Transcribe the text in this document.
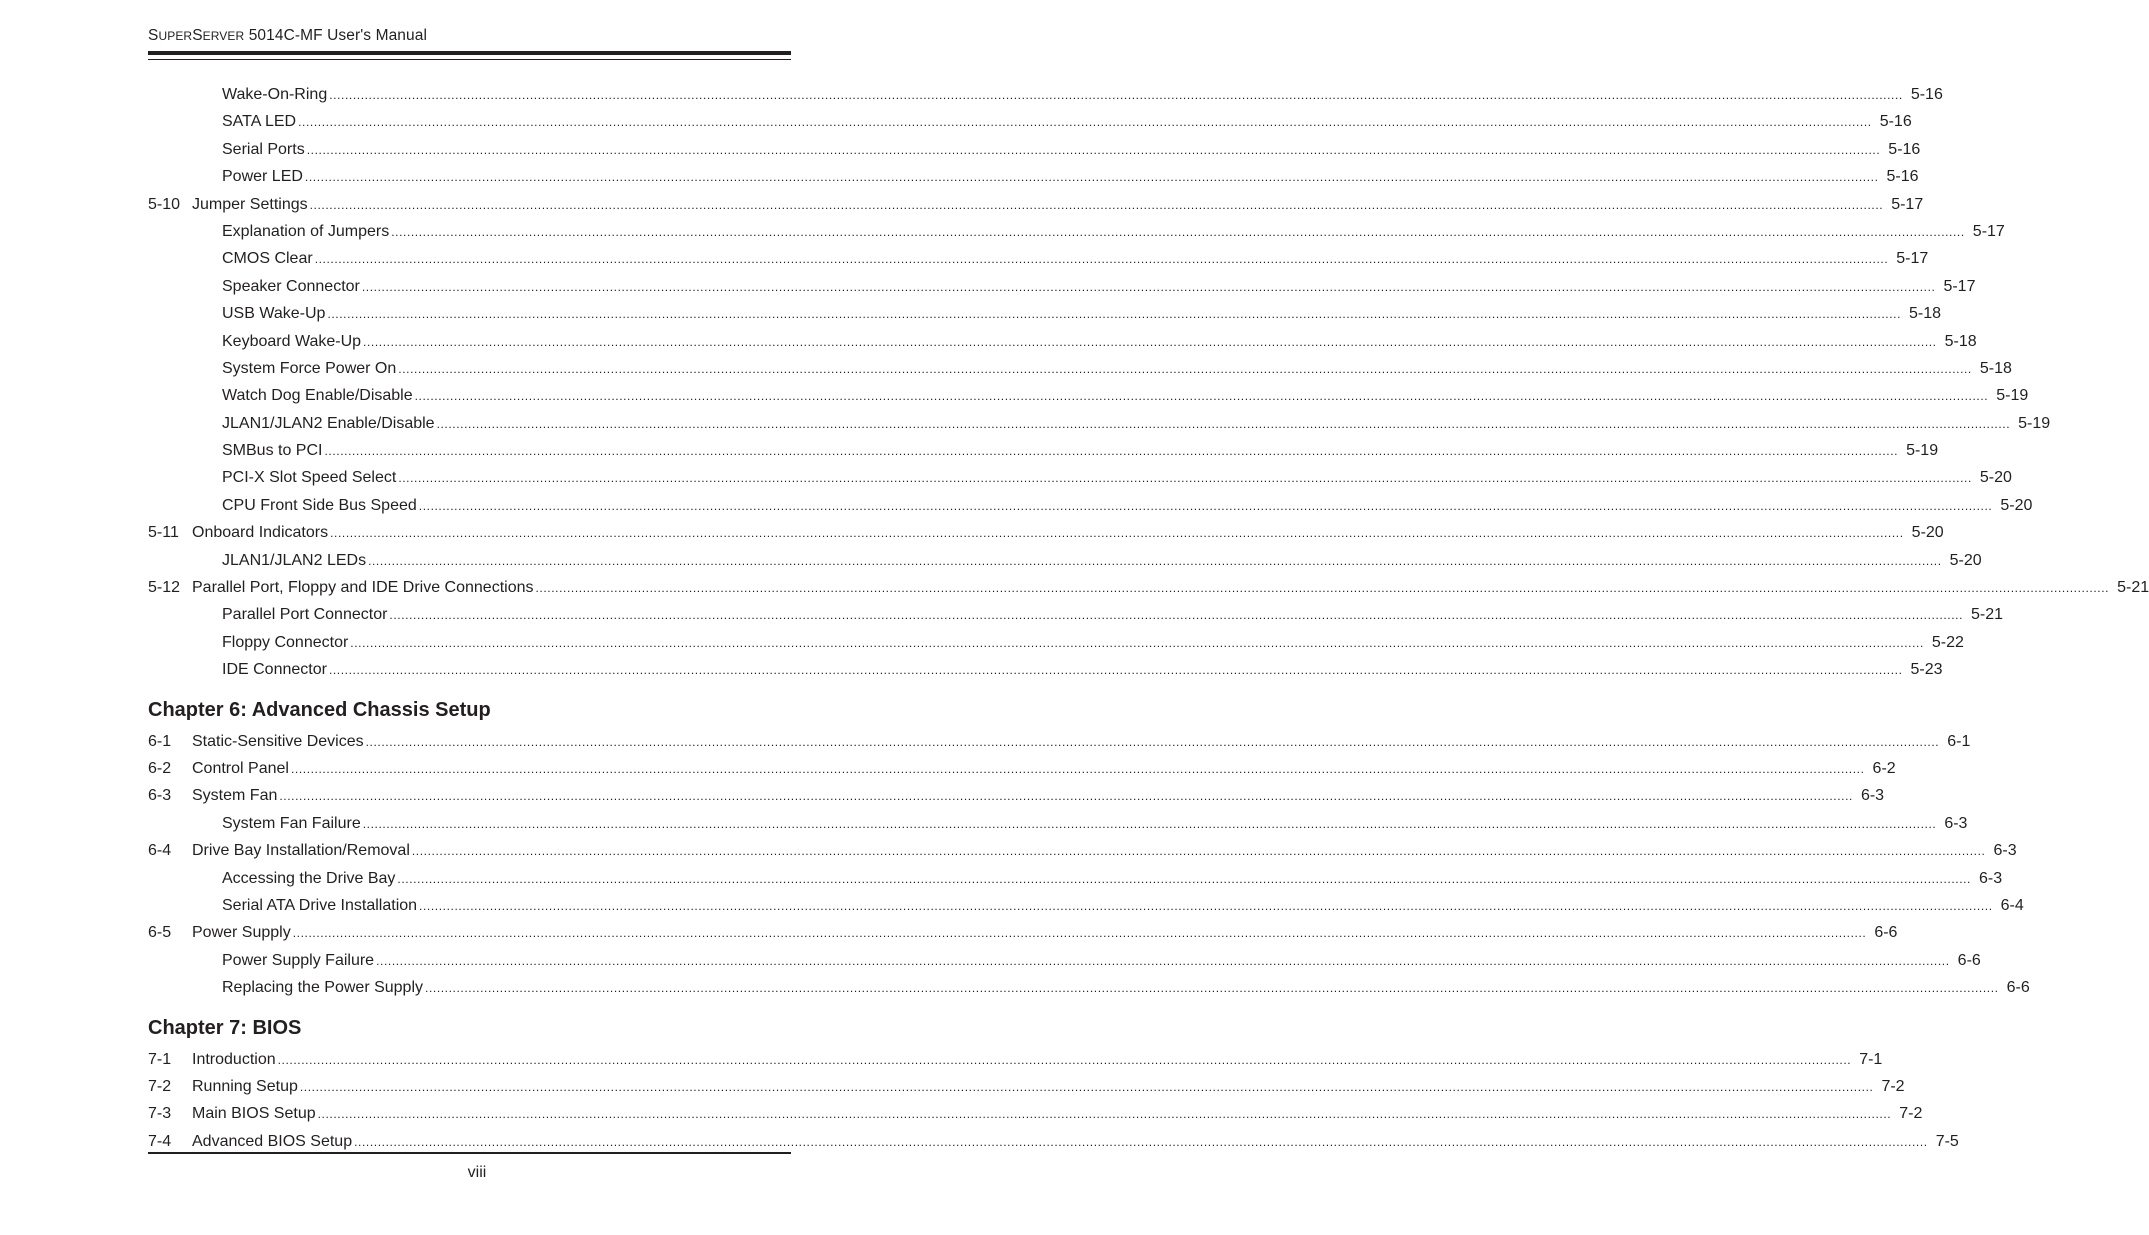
SUPERSERVER 5014C-MF User's Manual
Wake-On-Ring ................................................................................................................................................................................................................................................................................................................................................................................................................ 5-16
SATA LED ................................................................................................................................................................................................................................................................................................................................................................................................................ 5-16
Serial Ports ................................................................................................................................................................................................................................................................................................................................................................................................................ 5-16
Power LED ................................................................................................................................................................................................................................................................................................................................................................................................................ 5-16
5-10 Jumper Settings ................................................................................................................................................................................................................................................................................................................................................................................................................ 5-17
Explanation of Jumpers ................................................................................................................................................................................................................................................................................................................................................................................................................ 5-17
CMOS Clear ................................................................................................................................................................................................................................................................................................................................................................................................................ 5-17
Speaker Connector ................................................................................................................................................................................................................................................................................................................................................................................................................ 5-17
USB Wake-Up ................................................................................................................................................................................................................................................................................................................................................................................................................ 5-18
Keyboard Wake-Up ................................................................................................................................................................................................................................................................................................................................................................................................................ 5-18
System Force Power On ................................................................................................................................................................................................................................................................................................................................................................................................................ 5-18
Watch Dog Enable/Disable ................................................................................................................................................................................................................................................................................................................................................................................................................ 5-19
JLAN1/JLAN2 Enable/Disable ................................................................................................................................................................................................................................................................................................................................................................................................................ 5-19
SMBus to PCI ................................................................................................................................................................................................................................................................................................................................................................................................................ 5-19
PCI-X Slot Speed Select ................................................................................................................................................................................................................................................................................................................................................................................................................ 5-20
CPU Front Side Bus Speed ................................................................................................................................................................................................................................................................................................................................................................................................................ 5-20
5-11 Onboard Indicators ................................................................................................................................................................................................................................................................................................................................................................................................................ 5-20
JLAN1/JLAN2 LEDs ................................................................................................................................................................................................................................................................................................................................................................................................................ 5-20
5-12 Parallel Port, Floppy and IDE Drive Connections ................................................................................................................................................................................................................................................................................................................................................................................................................ 5-21
Parallel Port Connector ................................................................................................................................................................................................................................................................................................................................................................................................................ 5-21
Floppy Connector ................................................................................................................................................................................................................................................................................................................................................................................................................ 5-22
IDE Connector ................................................................................................................................................................................................................................................................................................................................................................................................................ 5-23
Chapter 6: Advanced Chassis Setup
6-1 Static-Sensitive Devices ................................................................................................................................................................................................................................................................................................................................................................................................................ 6-1
6-2 Control Panel ................................................................................................................................................................................................................................................................................................................................................................................................................ 6-2
6-3 System Fan ................................................................................................................................................................................................................................................................................................................................................................................................................ 6-3
System Fan Failure ................................................................................................................................................................................................................................................................................................................................................................................................................ 6-3
6-4 Drive Bay Installation/Removal ................................................................................................................................................................................................................................................................................................................................................................................................................ 6-3
Accessing the Drive Bay ................................................................................................................................................................................................................................................................................................................................................................................................................ 6-3
Serial ATA Drive Installation ................................................................................................................................................................................................................................................................................................................................................................................................................ 6-4
6-5 Power Supply ................................................................................................................................................................................................................................................................................................................................................................................................................ 6-6
Power Supply Failure ................................................................................................................................................................................................................................................................................................................................................................................................................ 6-6
Replacing the Power Supply ................................................................................................................................................................................................................................................................................................................................................................................................................ 6-6
Chapter 7: BIOS
7-1 Introduction ................................................................................................................................................................................................................................................................................................................................................................................................................ 7-1
7-2 Running Setup ................................................................................................................................................................................................................................................................................................................................................................................................................ 7-2
7-3 Main BIOS Setup ................................................................................................................................................................................................................................................................................................................................................................................................................ 7-2
7-4 Advanced BIOS Setup ................................................................................................................................................................................................................................................................................................................................................................................................................ 7-5
viii
